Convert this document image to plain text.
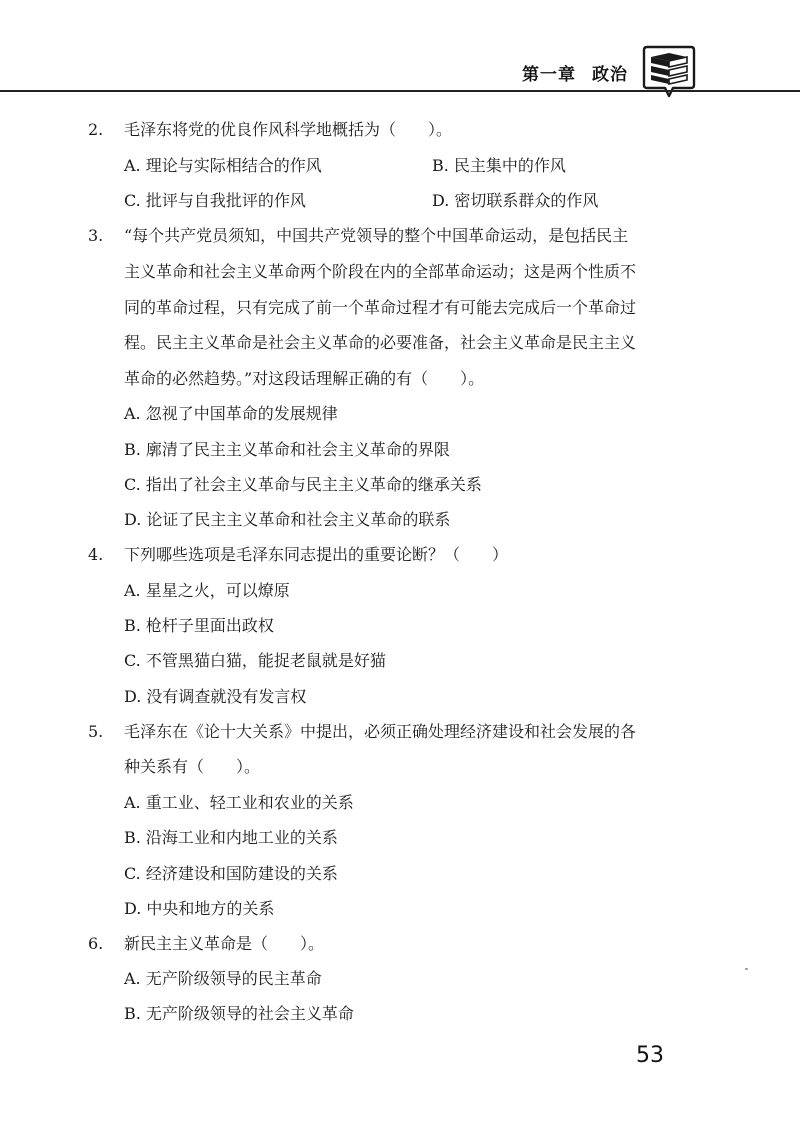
第一章 政治
2. 毛泽东将党的优良作风科学地概括为（　　）。
A. 理论与实际相结合的作风	B. 民主集中的作风
C. 批评与自我批评的作风	D. 密切联系群众的作风
3. “每个共产党员须知，中国共产党领导的整个中国革命运动，是包括民主
主义革命和社会主义革命两个阶段在内的全部革命运动；这是两个性质不
同的革命过程，只有完成了前一个革命过程才有可能去完成后一个革命过
程。民主主义革命是社会主义革命的必要准备，社会主义革命是民主主义
革命的必然趋势。”对这段话理解正确的有（　　）。
A. 忽视了中国革命的发展规律
B. 廓清了民主主义革命和社会主义革命的界限
C. 指出了社会主义革命与民主主义革命的继承关系
D. 论证了民主主义革命和社会主义革命的联系
4. 下列哪些选项是毛泽东同志提出的重要论断？（　　）
A. 星星之火，可以燎原
B. 枪杆子里面出政权
C. 不管黑猫白猫，能捉老鼠就是好猫
D. 没有调查就没有发言权
5. 毛泽东在《论十大关系》中提出，必须正确处理经济建设和社会发展的各
种关系有（　　）。
A. 重工业、轻工业和农业的关系
B. 沿海工业和内地工业的关系
C. 经济建设和国防建设的关系
D. 中央和地方的关系
6. 新民主主义革命是（　　）。
A. 无产阶级领导的民主革命
B. 无产阶级领导的社会主义革命
53
